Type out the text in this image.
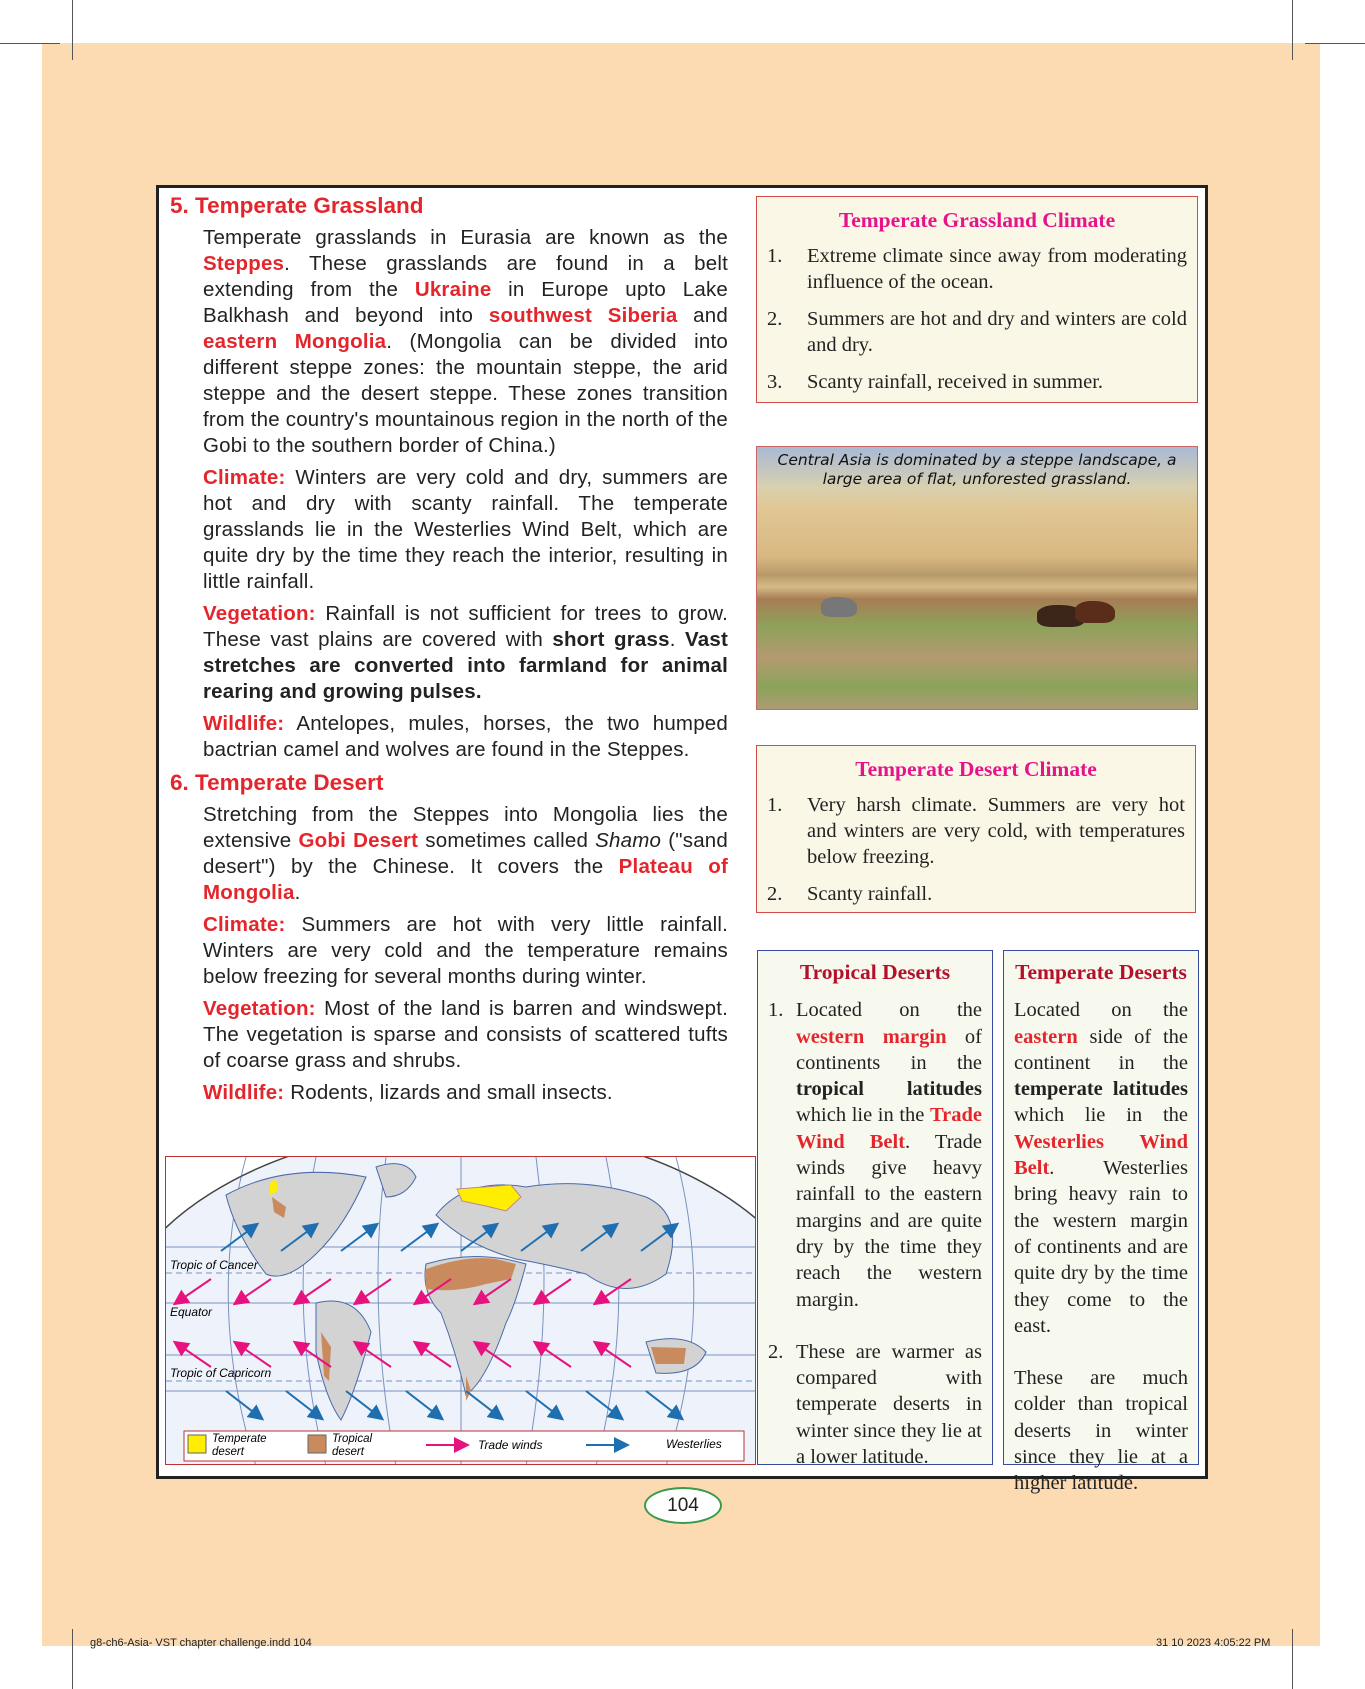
5. Temperate Grassland

Temperate grasslands in Eurasia are known as the Steppes. These grasslands are found in a belt extending from the Ukraine in Europe upto Lake Balkhash and beyond into southwest Siberia and eastern Mongolia. (Mongolia can be divided into different steppe zones: the mountain steppe, the arid steppe and the desert steppe. These zones transition from the country's mountainous region in the north of the Gobi to the southern border of China.)

Climate: Winters are very cold and dry, summers are hot and dry with scanty rainfall. The temperate grasslands lie in the Westerlies Wind Belt, which are quite dry by the time they reach the interior, resulting in little rainfall.

Vegetation: Rainfall is not sufficient for trees to grow. These vast plains are covered with short grass. Vast stretches are converted into farmland for animal rearing and growing pulses.

Wildlife: Antelopes, mules, horses, the two humped bactrian camel and wolves are found in the Steppes.

6. Temperate Desert

Stretching from the Steppes into Mongolia lies the extensive Gobi Desert sometimes called Shamo ("sand desert") by the Chinese. It covers the Plateau of Mongolia.

Climate: Summers are hot with very little rainfall. Winters are very cold and the temperature remains below freezing for several months during winter.

Vegetation: Most of the land is barren and windswept. The vegetation is sparse and consists of scattered tufts of coarse grass and shrubs.

Wildlife: Rodents, lizards and small insects.

Temperate Grassland Climate
1.	Extreme climate since away from moderating influence of the ocean.
2.	Summers are hot and dry and winters are cold and dry.
3.	Scanty rainfall, received in summer.
Central Asia is dominated by a steppe landscape, a large area of flat, unforested grassland.
Temperate Desert Climate
1.	Very harsh climate. Summers are very hot and winters are very cold, with temperatures below freezing.
2.	Scanty rainfall.
Tropical Deserts
1. Located on the western margin of continents in the tropical latitudes which lie in the Trade Wind Belt. Trade winds give heavy rainfall to the eastern margins and are quite dry by the time they reach the western margin.
2. These are warmer as compared with temperate deserts in winter since they lie at a lower latitude.
Temperate Deserts
Located on the eastern side of the continent in the temperate latitudes which lie in the Westerlies Wind Belt. Westerlies bring heavy rain to the western margin of continents and are quite dry by the time they come to the east.
These are much colder than tropical deserts in winter since they lie at a higher latitude.
Tropic of Cancer
Equator
Tropic of Capricorn
Temperate desert
Tropical desert	Trade winds	Westerlies
104
g8-ch6-Asia- VST chapter challenge.indd 104	31 10 2023 4:05:22 PM
